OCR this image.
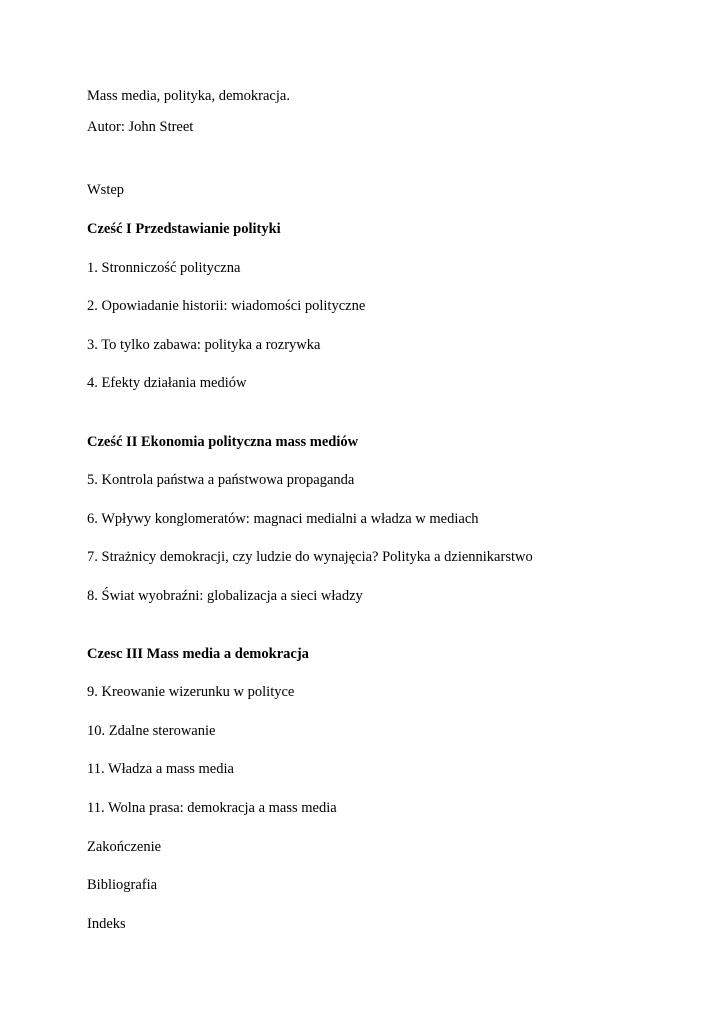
Mass media, polityka, demokracja.
Autor: John Street
Wstep
Cześć I Przedstawianie polityki
1. Stronniczość polityczna
2. Opowiadanie historii: wiadomości polityczne
3. To tylko zabawa: polityka a rozrywka
4. Efekty działania mediów
Cześć II Ekonomia polityczna mass mediów
5. Kontrola państwa a państwowa propaganda
6. Wpływy konglomeratów: magnaci medialni a władza w mediach
7. Strażnicy demokracji, czy ludzie do wynajęcia? Polityka a dziennikarstwo
8. Świat wyobraźni: globalizacja a sieci władzy
Czesc III Mass media a demokracja
9. Kreowanie wizerunku w polityce
10. Zdalne sterowanie
11. Władza a mass media
11. Wolna prasa: demokracja a mass media
Zakończenie
Bibliografia
Indeks
